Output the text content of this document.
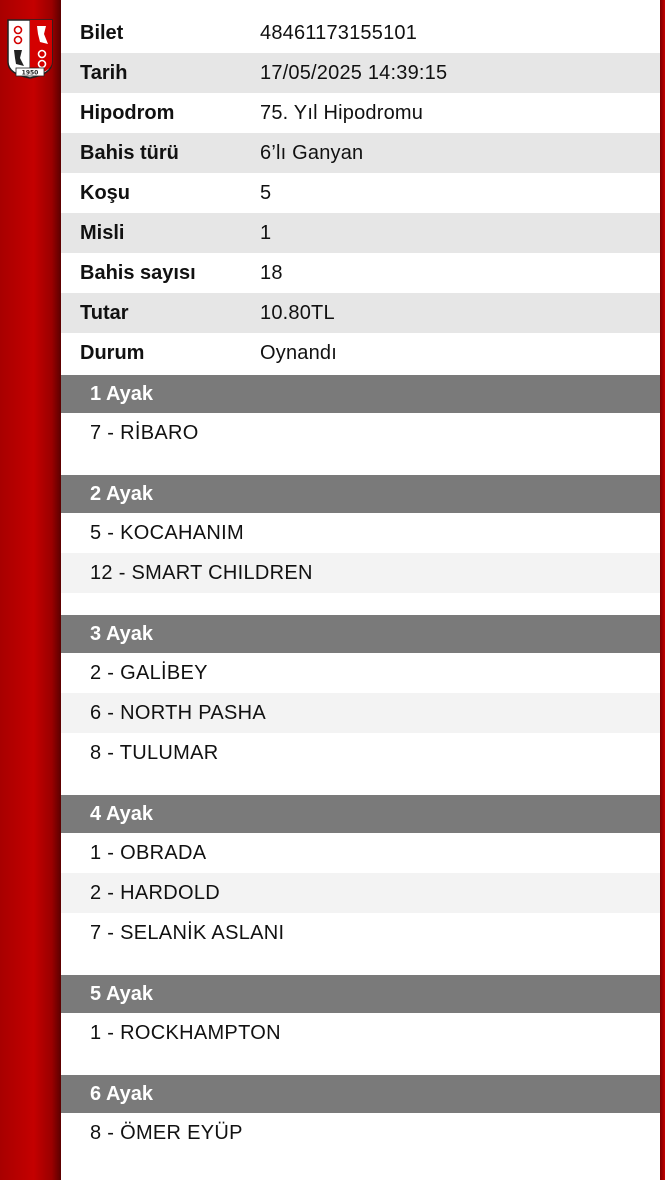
1950
Bilet	48461173155101
Tarih	17/05/2025 14:39:15
Hipodrom	75. Yıl Hipodromu
Bahis türü	6’lı Ganyan
Koşu	5
Misli	1
Bahis sayısı	18
Tutar	10.80TL
Durum	Oynandı
1 Ayak
7 - RİBARO
2 Ayak
5 - KOCAHANIM
12 - SMART CHILDREN
3 Ayak
2 - GALİBEY
6 - NORTH PASHA
8 - TULUMAR
4 Ayak
1 - OBRADA
2 - HARDOLD
7 - SELANİK ASLANI
5 Ayak
1 - ROCKHAMPTON
6 Ayak
8 - ÖMER EYÜP
